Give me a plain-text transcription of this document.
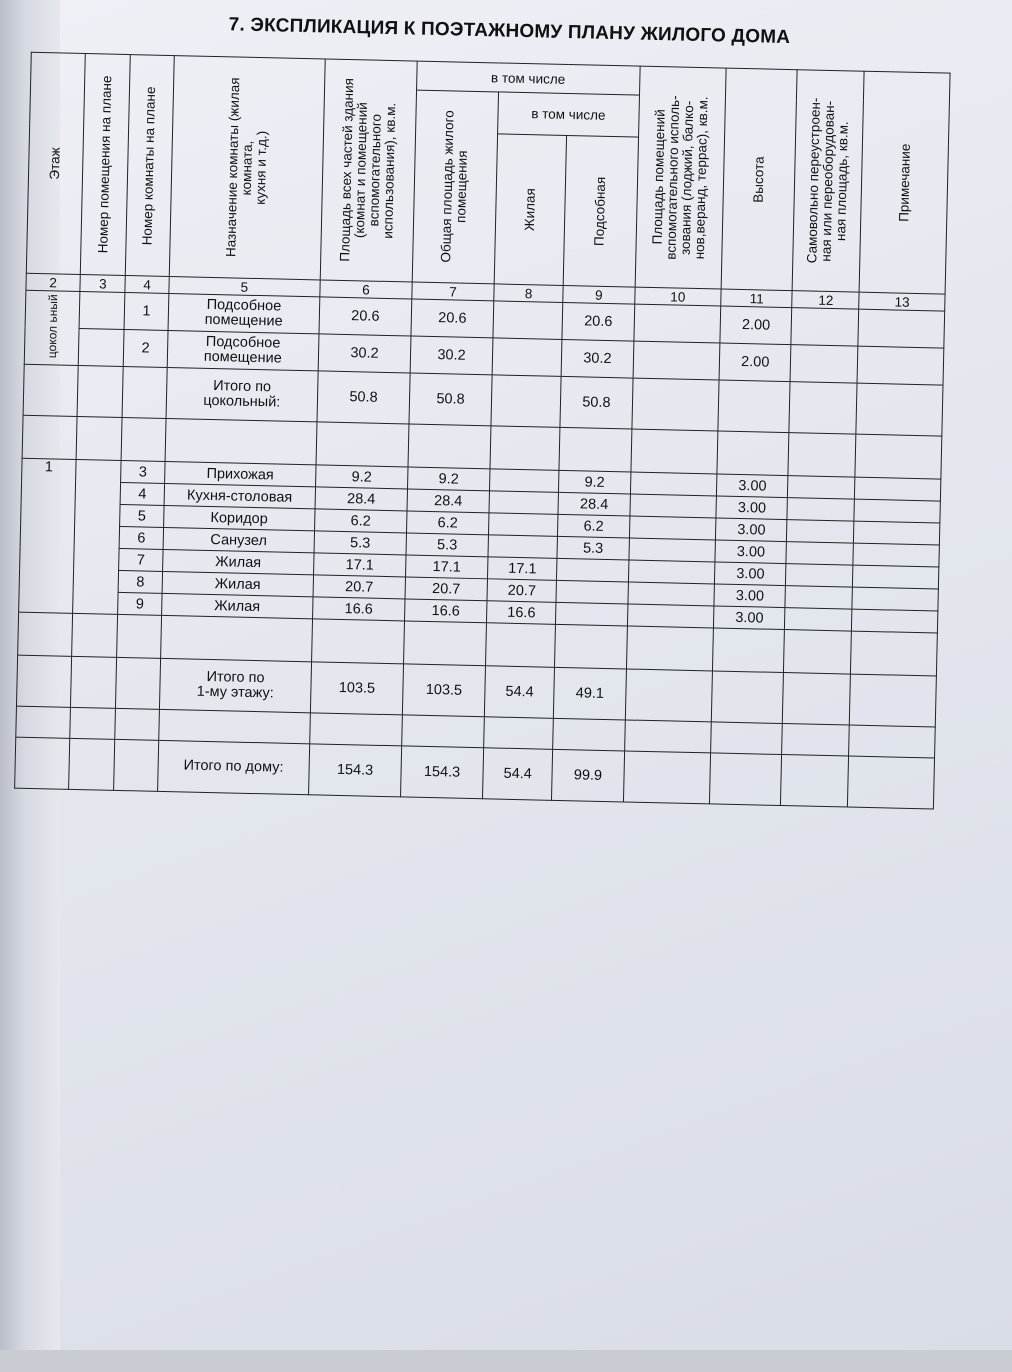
7. ЭКСПЛИКАЦИЯ К ПОЭТАЖНОМУ ПЛАНУ ЖИЛОГО ДОМА
Этаж	Номер помещения на плане	Номер комнаты на плане	Назначение комнаты (жилая
комната,
кухня и т.д.)	Площадь всех частей здания
(комнат и помещений
вспомогательного
использования), кв.м.	в том числе			Площадь помещений
вспомогательного исполь-
зования (лоджий, балко-
нов,веранд, террас), кв.м.	Высота	Самовольно переустроен-
ная или переоборудован-
ная площадь, кв.м.	Примечание

					Общая площадь жилого
помещения	в том числе					

						Жилая	Подсобная				

2	3	4	5	6	7	8	9	10	11	12	13
цокол ьный		1	Подсобное
помещение	20.6	20.6		20.6		2.00		
		2	Подсобное
помещение	30.2	30.2		30.2		2.00		
			Итого по
цокольный:	50.8	50.8		50.8				

1		3	Прихожая	9.2	9.2		9.2		3.00		
		4	Кухня-столовая	28.4	28.4		28.4		3.00		
		5	Коридор	6.2	6.2		6.2		3.00		
		6	Санузел	5.3	5.3		5.3		3.00		
		7	Жилая	17.1	17.1	17.1			3.00		
		8	Жилая	20.7	20.7	20.7			3.00		
		9	Жилая	16.6	16.6	16.6			3.00		

			Итого по
1-му этажу:	103.5	103.5	54.4	49.1				

			Итого по дому:	154.3	154.3	54.4	99.9				
